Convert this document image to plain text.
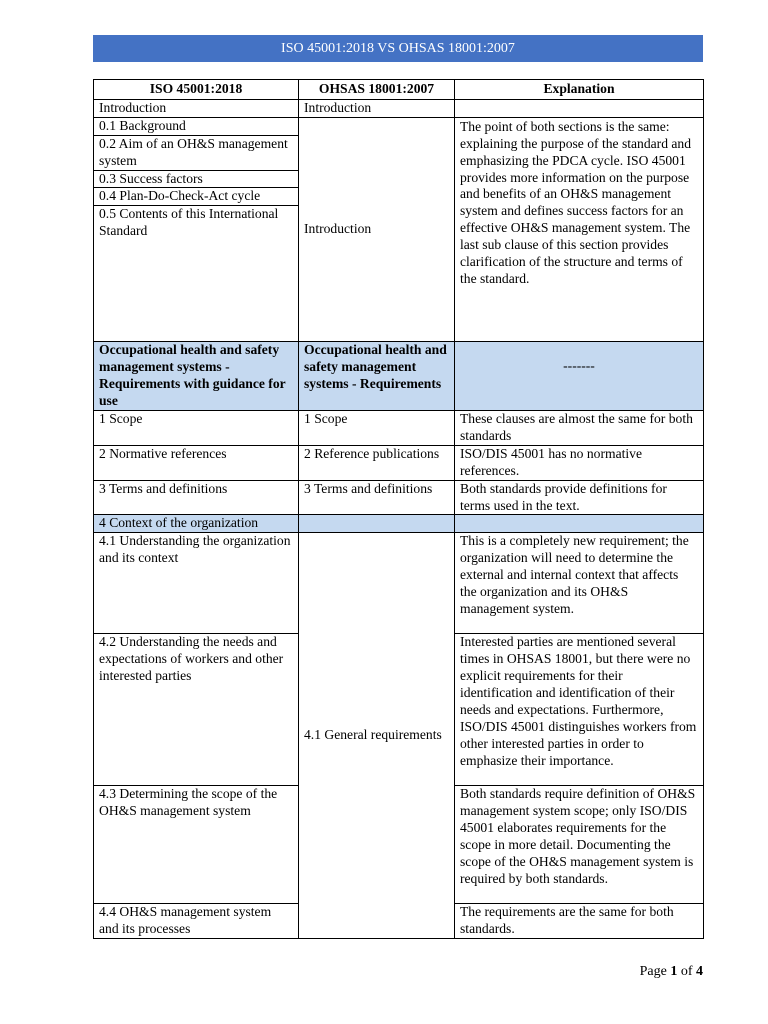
ISO 45001:2018 VS OHSAS 18001:2007
ISO 45001:2018	OHSAS 18001:2007	Explanation
Introduction	Introduction	
0.1 Background	Introduction	The point of both sections is the same: explaining the purpose of the standard and emphasizing the PDCA cycle. ISO 45001 provides more information on the purpose and benefits of an OH&S management system and defines success factors for an effective OH&S management system. The last sub clause of this section provides clarification of the structure and terms of the standard.
0.2 Aim of an OH&S management system		
0.3 Success factors		
0.4 Plan-Do-Check-Act cycle		
0.5 Contents of this International Standard		
Occupational health and safety management systems - Requirements with guidance for use	Occupational health and safety management systems - Requirements	-------
1 Scope	1 Scope	These clauses are almost the same for both standards
2 Normative references	2 Reference publications	ISO/DIS 45001 has no normative references.
3 Terms and definitions	3 Terms and definitions	Both standards provide definitions for terms used in the text.
4 Context of the organization		
4.1 Understanding the organization and its context	4.1 General requirements	This is a completely new requirement; the organization will need to determine the external and internal context that affects the organization and its OH&S management system.
4.2 Understanding the needs and expectations of workers and other interested parties		Interested parties are mentioned several times in OHSAS 18001, but there were no explicit requirements for their identification and identification of their needs and expectations. Furthermore, ISO/DIS 45001 distinguishes workers from other interested parties in order to emphasize their importance.
4.3 Determining the scope of the OH&S management system		Both standards require definition of OH&S management system scope; only ISO/DIS 45001 elaborates requirements for the scope in more detail. Documenting the scope of the OH&S management system is required by both standards.
4.4 OH&S management system and its processes		The requirements are the same for both standards.
Page 1 of 4
